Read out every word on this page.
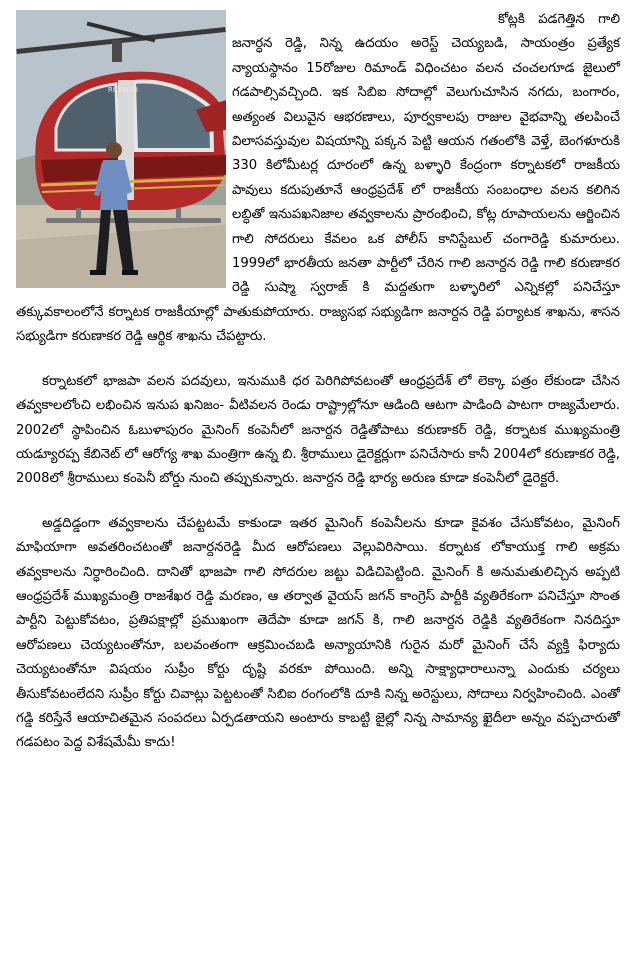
RUKMINI

కోట్లకి పడగెత్తిన గాలి జనార్ధన రెడ్డి, నిన్న ఉదయం అరెస్ట్ చెయ్యబడి, సాయంత్రం ప్రత్యేక న్యాయస్థానం 15రోజుల రిమాండ్ విధించటం వలన చంచలగూడ జైలులో గడపాల్సివచ్చింది. ఇక సిబిఐ సోదాల్లో వెలుగుచూసిన నగదు, బంగారం, అత్యంత విలువైన ఆభరణాలు, పూర్వకాలపు రాజుల వైభవాన్ని తలపించే విలాసవస్తువుల విషయాన్ని పక్కన పెట్టి ఆయన గతంలోకి వెళ్తే, బెంగళూరుకి 330 కిలోమీటర్ల దూరంలో ఉన్న బళ్ళారి కేంద్రంగా కర్నాటకలో రాజకీయ పావులు కదుపుతూనే ఆంధ్రప్రదేశ్ లో రాజకీయ సంబంధాల వలన కలిగిన లబ్ధితో ఇనుపఖనిజాల తవ్వకాలను ప్రారంభించి, కోట్ల రూపాయలను ఆర్జించిన గాలి సోదరులు కేవలం ఒక పోలీస్ కానిస్టేబుల్ చంగారెడ్డి కుమారులు. 1999లో భారతీయ జనతా పార్టీలో చేరిన గాలి జనార్దన రెడ్డి గాలి కరుణాకర రెడ్డి సుష్మా స్వరాజ్ కి మద్దతుగా బళ్ళారిలో ఎన్నికల్లో పనిచేస్తూ తక్కువకాలంలోనే కర్నాటక రాజకీయాల్లో పాతుకుపోయారు. రాజ్యసభ సభ్యుడిగా జనార్దన రెడ్డి పర్యాటక శాఖను, శాసన సభ్యుడిగా కరుణాకర రెడ్డి ఆర్థిక శాఖను చేపట్టారు.

కర్నాటకలో భాజపా వలన పదవులు, ఇనుముకి ధర పెరిగిపోవటంతో ఆంధ్రప్రదేశ్ లో లెక్కా పత్రం లేకుండా చేసిన తవ్వకాలలోంచి లభించిన ఇనుప ఖనిజం- వీటివలన రెండు రాష్ట్రాల్లోనూ ఆడింది ఆటగా పాడింది పాటగా రాజ్యమేలారు. 2002లో స్థాపించిన ఓబుళాపురం మైనింగ్ కంపెనీలో జనార్దన రెడ్డితోపాటు కరుణాకర్ రెడ్డి, కర్నాటక ముఖ్యమంత్రి యడ్యూరప్ప కేబినెట్ లో ఆరోగ్య శాఖ మంత్రిగా ఉన్న బి. శ్రీరాములు డైరెక్టర్లుగా పనిచేసారు కానీ 2004లో కరుణాకర రెడ్డి, 2008లో శ్రీరాములు కంపెనీ బోర్డు నుంచి తప్పుకున్నారు. జనార్దన రెడ్డి భార్య అరుణ కూడా కంపెనీలో డైరెక్టరే.

అడ్డదిడ్డంగా తవ్వకాలను చేపట్టటమే కాకుండా ఇతర మైనింగ్ కంపెనీలను కూడా కైవశం చేసుకోవటం, మైనింగ్ మాఫియాగా అవతరించటంతో జనార్దనరెడ్డి మీద ఆరోపణలు వెల్లువిరిసాయి. కర్నాటక లోకాయుక్త గాలి అక్రమ తవ్వకాలను నిర్ధారించింది. దానితో భాజపా గాలి సోదరుల జట్టు విడిచిపెట్టింది. మైనింగ్ కి అనుమతులిచ్చిన అప్పటి ఆంధ్రప్రదేశ్ ముఖ్యమంత్రి రాజశేఖర రెడ్డి మరణం, ఆ తర్వాత వైయస్ జగన్ కాంగ్రెస్ పార్టీకి వ్యతిరేకంగా పనిచేస్తూ సొంత పార్టీని పెట్టుకోవటం, ప్రతిపక్షాల్లో ప్రముఖంగా తెదేపా కూడా జగన్ కి, గాలి జనార్దన రెడ్డికి వ్యతిరేకంగా నినదిస్తూ ఆరోపణలు చెయ్యటంతోనూ, బలవంతంగా ఆక్రమించబడి అన్యాయానికి గురైన మరో మైనింగ్ చేసే వ్యక్తి ఫిర్యాదు చెయ్యటంతోనూ విషయం సుప్రీం కోర్టు దృష్టి వరకూ పోయింది. అన్ని సాక్ష్యాధారాలున్నా ఎందుకు చర్యలు తీసుకోవటంలేదని సుప్రీం కోర్టు చివాట్లు పెట్టటంతో సిబిఐ రంగంలోకి దూకి నిన్న అరెస్టులు, సోదాలు నిర్వహించింది. ఎంతో గడ్డి కరిస్తేనే ఆయాచితమైన సంపదలు ఏర్పడతాయని అంటారు కాబట్టి జైల్లో నిన్న సామాన్య ఖైదీలా అన్నం వప్పచారుతో గడపటం పెద్ద విశేషమేమీ కాదు!
